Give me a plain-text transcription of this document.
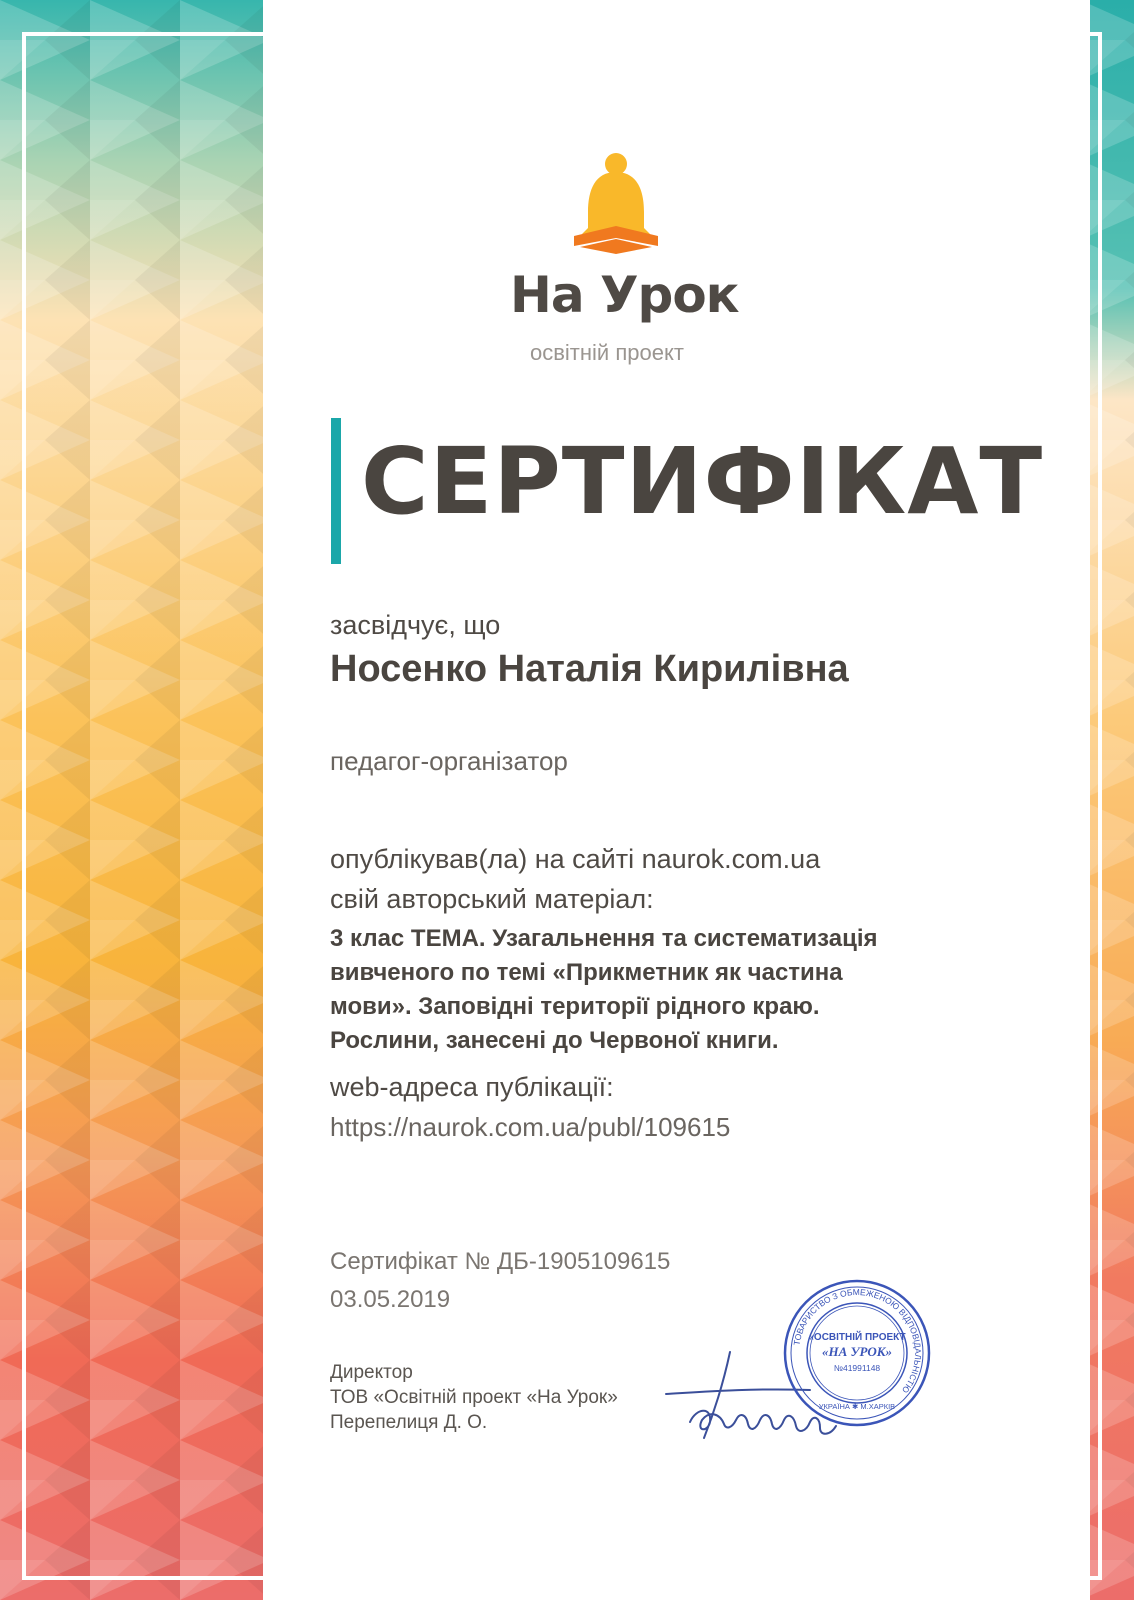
На Урок
освітній проект
СЕРТИФІКАТ
засвідчує, що
Носенко Наталія Кирилівна
педагог-організатор
опублікував(ла) на сайті naurok.com.ua
свій авторський матеріал:
3 клас ТЕМА. Узагальнення та систематизація
вивченого по темі «Прикметник як частина
мови». Заповідні території рідного краю.
Рослини, занесені до Червоної книги.
web-адреса публікації:
https://naurok.com.ua/publ/109615
Сертифікат № ДБ-1905109615
03.05.2019
Директор
ТОВ «Освітній проект «На Урок»
Перепелиця Д. О.
ТОВАРИСТВО З ОБМЕЖЕНОЮ ВІДПОВІДАЛЬНІСТЮ
«ОСВІТНІЙ ПРОЕКТ
«НА УРОК»
№41991148
УКРАЇНА ✱ М.ХАРКІВ
